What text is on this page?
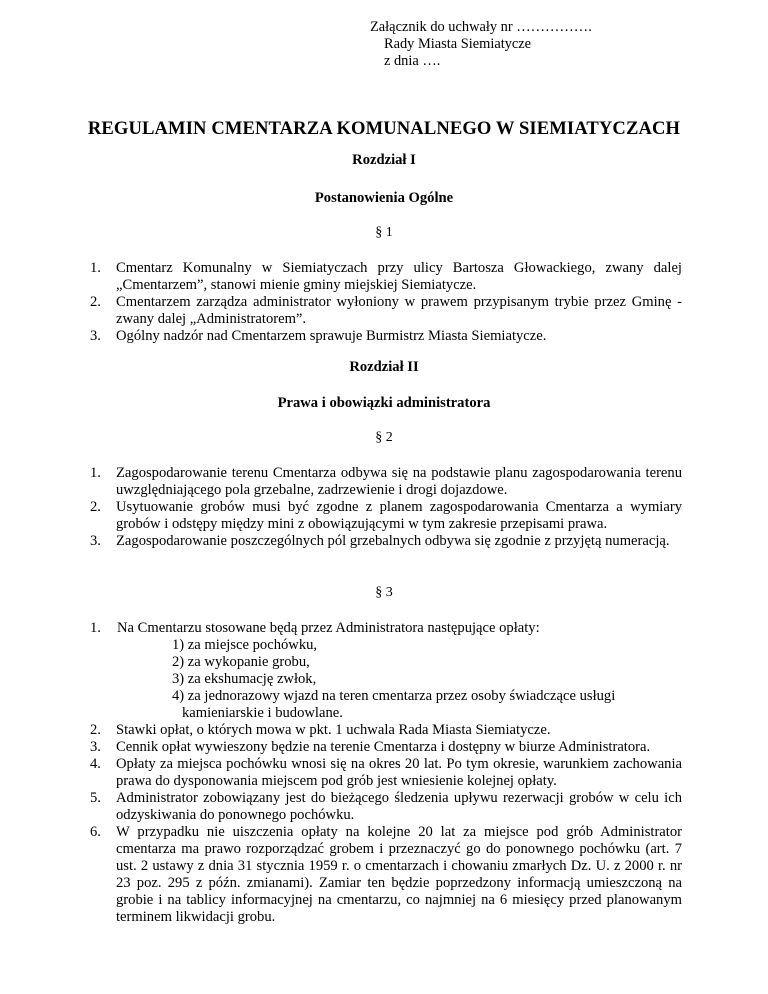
Załącznik do uchwały nr …………….
Rady Miasta Siemiatycze
z dnia ….
REGULAMIN CMENTARZA KOMUNALNEGO W SIEMIATYCZACH
Rozdział I
Postanowienia Ogólne
§ 1
1. Cmentarz Komunalny w Siemiatyczach przy ulicy Bartosza Głowackiego, zwany dalej „Cmentarzem”, stanowi mienie gminy miejskiej Siemiatycze.
2. Cmentarzem zarządza administrator wyłoniony w prawem przypisanym trybie przez Gminę - zwany dalej „Administratorem”.
3. Ogólny nadzór nad Cmentarzem sprawuje Burmistrz Miasta Siemiatycze.
Rozdział II
Prawa i obowiązki administratora
§ 2
1. Zagospodarowanie terenu Cmentarza odbywa się na podstawie planu zagospodarowania terenu uwzględniającego pola grzebalne, zadrzewienie i drogi dojazdowe.
2. Usytuowanie grobów musi być zgodne z planem zagospodarowania Cmentarza a wymiary grobów i odstępy między mini z obowiązującymi w tym zakresie przepisami prawa.
3. Zagospodarowanie poszczególnych pól grzebalnych odbywa się zgodnie z przyjętą numeracją.
§ 3
1. Na Cmentarzu stosowane będą przez Administratora następujące opłaty:
1) za miejsce pochówku,
2) za wykopanie grobu,
3) za ekshumację zwłok,
4) za jednorazowy wjazd na teren cmentarza przez osoby świadczące usługi
kamieniarskie i budowlane.
2. Stawki opłat, o których mowa w pkt. 1 uchwala Rada Miasta Siemiatycze.
3. Cennik opłat wywieszony będzie na terenie Cmentarza i dostępny w biurze Administratora.
4. Opłaty za miejsca pochówku wnosi się na okres 20 lat. Po tym okresie, warunkiem zachowania prawa do dysponowania miejscem pod grób jest wniesienie kolejnej opłaty.
5. Administrator zobowiązany jest do bieżącego śledzenia upływu rezerwacji grobów w celu ich odzyskiwania do ponownego pochówku.
6. W przypadku nie uiszczenia opłaty na kolejne 20 lat za miejsce pod grób Administrator cmentarza ma prawo rozporządzać grobem i przeznaczyć go do ponownego pochówku (art. 7 ust. 2 ustawy z dnia 31 stycznia 1959 r. o cmentarzach i chowaniu zmarłych Dz. U. z 2000 r. nr 23 poz. 295 z późn. zmianami). Zamiar ten będzie poprzedzony informacją umieszczoną na grobie i na tablicy informacyjnej na cmentarzu, co najmniej na 6 miesięcy przed planowanym terminem likwidacji grobu.
